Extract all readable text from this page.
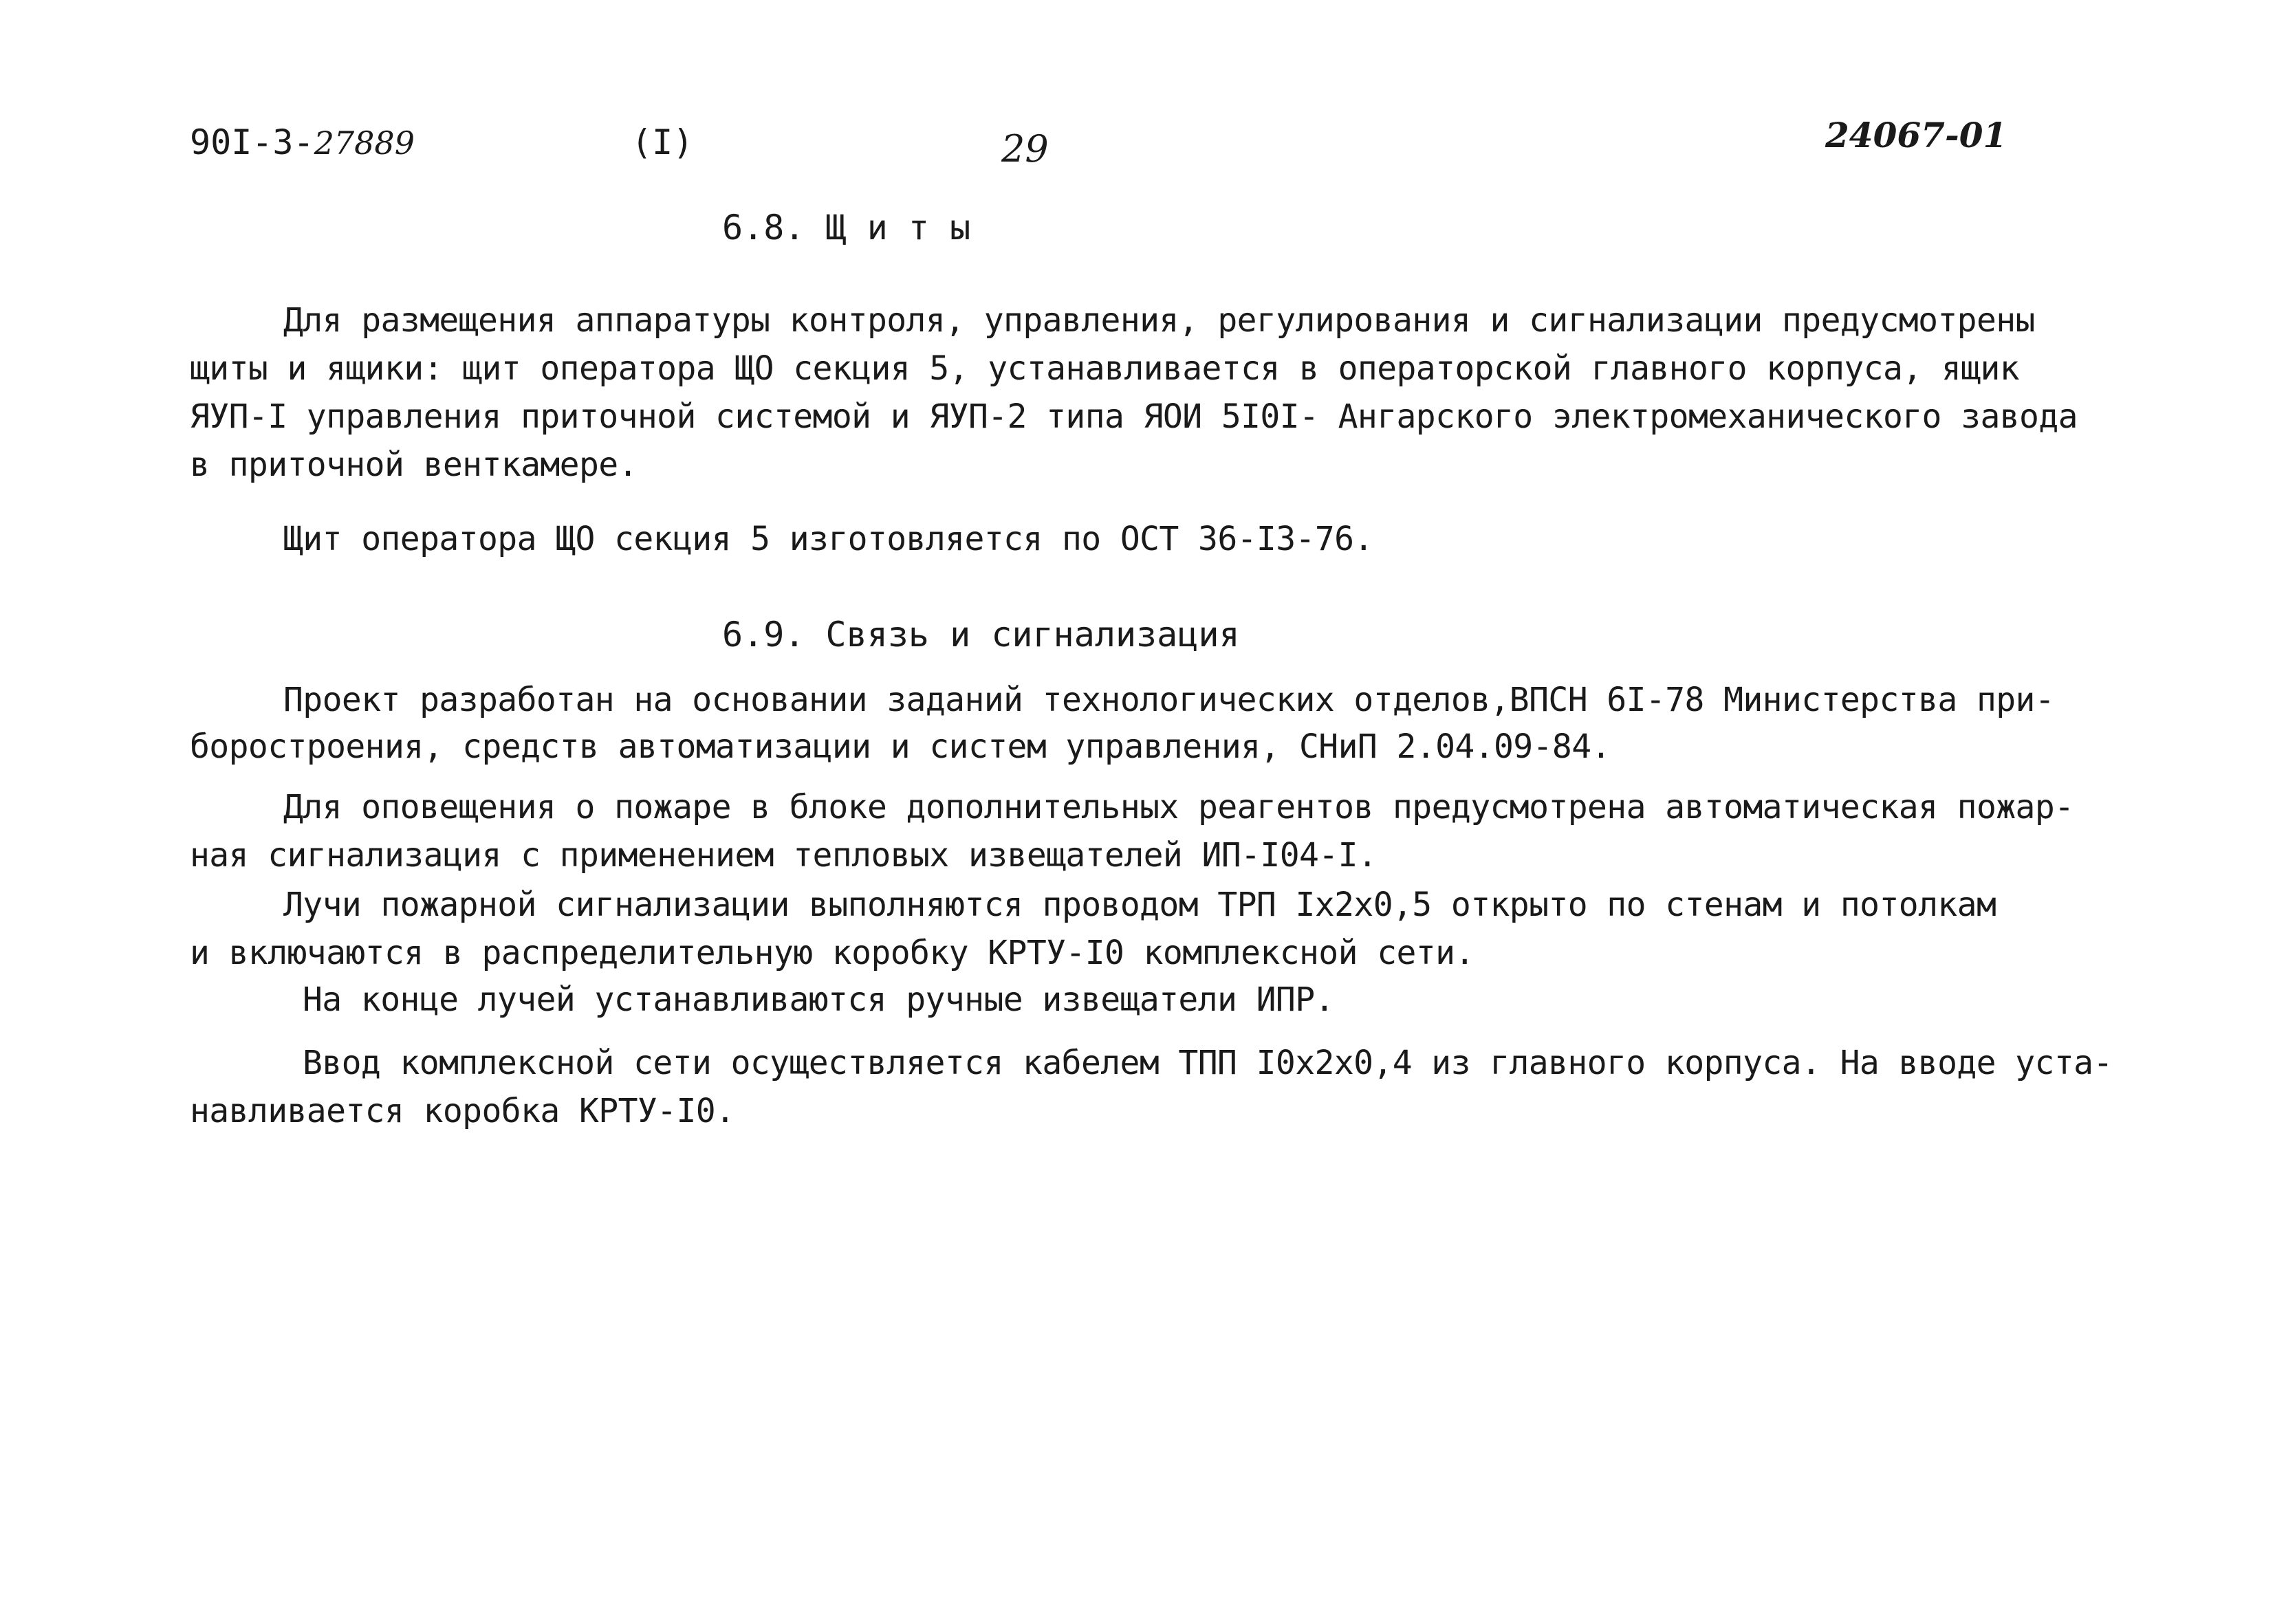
90I-3-27889	(I)	29	24067-01
6.8. Щ и т ы
Для размещения аппаратуры контроля, управления, регулирования и сигнализации предусмотрены
щиты и ящики: щит оператора ЩО секция 5, устанавливается в операторской главного корпуса, ящик
ЯУП-I управления приточной системой и ЯУП-2 типа ЯОИ 5I0I- Ангарского электромеханического завода
в приточной венткамере.
Щит оператора ЩО секция 5 изготовляется по ОСТ 36-I3-76.
6.9. Связь и сигнализация
Проект разработан на основании заданий технологических отделов,ВПСН 6I-78 Министерства при-
боростроения, средств автоматизации и систем управления, СНиП 2.04.09-84.
Для оповещения о пожаре в блоке дополнительных реагентов предусмотрена автоматическая пожар-
ная сигнализация с применением тепловых извещателей ИП-I04-I.
Лучи пожарной сигнализации выполняются проводом ТРП Iх2х0,5 открыто по стенам и потолкам
и включаются в распределительную коробку КРТУ-I0 комплексной сети.
На конце лучей устанавливаются ручные извещатели ИПР.
Ввод комплексной сети осуществляется кабелем ТПП I0х2х0,4 из главного корпуса. На вводе уста-
навливается коробка КРТУ-I0.
